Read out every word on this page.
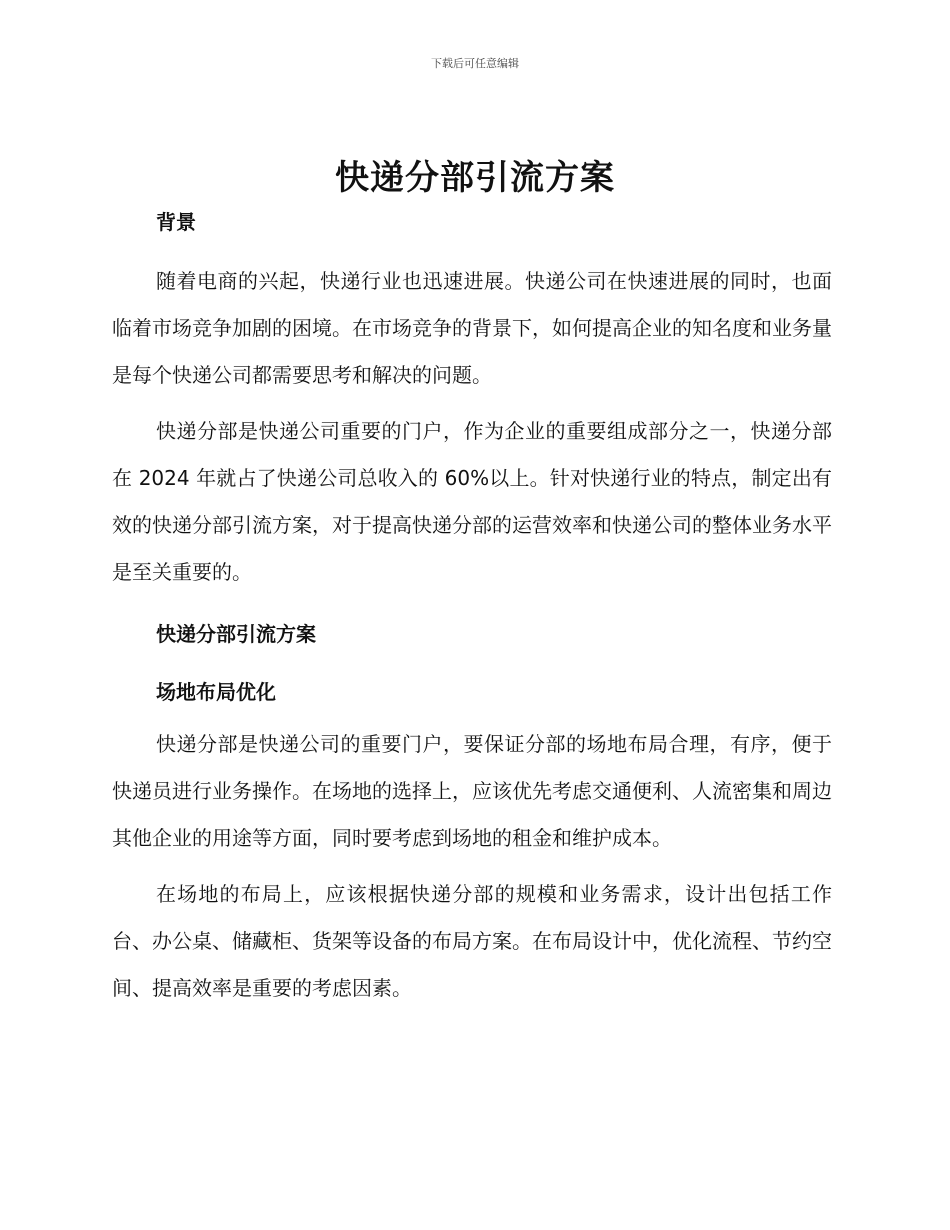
下载后可任意编辑
快递分部引流方案
背景

随着电商的兴起，快递行业也迅速进展。快递公司在快速进展的同时，也面临着市场竞争加剧的困境。在市场竞争的背景下，如何提高企业的知名度和业务量是每个快递公司都需要思考和解决的问题。

快递分部是快递公司重要的门户，作为企业的重要组成部分之一，快递分部在 2024 年就占了快递公司总收入的 60%以上。针对快递行业的特点，制定出有效的快递分部引流方案，对于提高快递分部的运营效率和快递公司的整体业务水平是至关重要的。

快递分部引流方案
场地布局优化

快递分部是快递公司的重要门户，要保证分部的场地布局合理，有序，便于快递员进行业务操作。在场地的选择上，应该优先考虑交通便利、人流密集和周边其他企业的用途等方面，同时要考虑到场地的租金和维护成本。

在场地的布局上，应该根据快递分部的规模和业务需求，设计出包括工作台、办公桌、储藏柜、货架等设备的布局方案。在布局设计中，优化流程、节约空间、提高效率是重要的考虑因素。
